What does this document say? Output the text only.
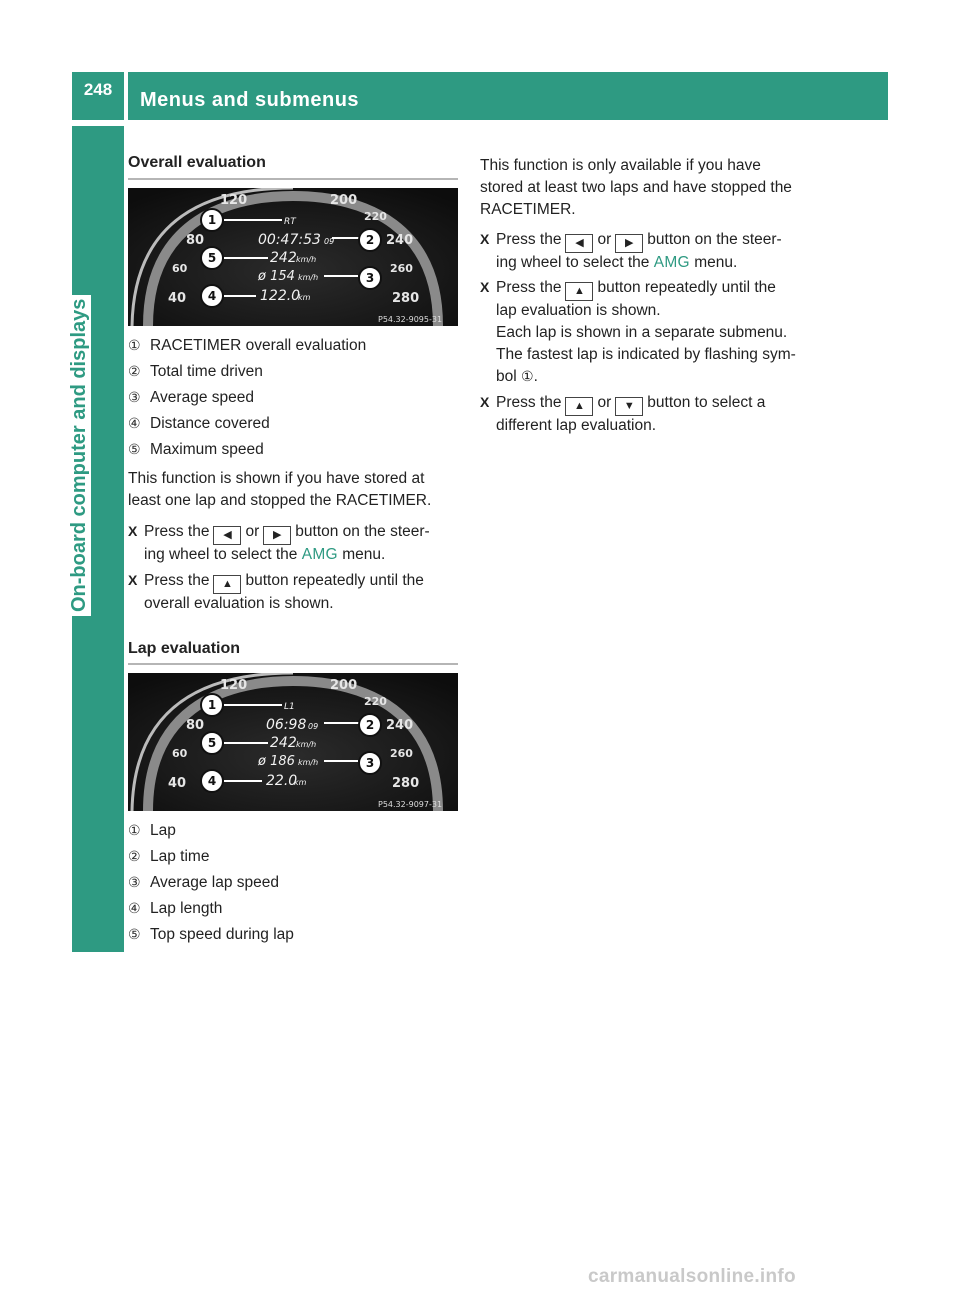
248	Menus and submenus
On-board computer and displays
Overall evaluation
120	200
80
60
40
220
240
260
280
RT
00:47:53 09
242 km/h
ø 154 km/h
122.0
km
1
2
3
4
5
P54.32-9095-31
① RACETIMER overall evaluation
② Total time driven
③ Average speed
④ Distance covered
⑤ Maximum speed
This function is shown if you have stored at
least one lap and stopped the RACETIMER.
X Press the ◀ or ▶ button on the steer-
ing wheel to select the AMG menu.
X Press the ▲ button repeatedly until the
overall evaluation is shown.
Lap evaluation
120	200
80
60
40
220
240
260
280
L1
06:98 09
242 km/h
ø 186 km/h
22.0
km
1
2
3
4
5
P54.32-9097-31
① Lap
② Lap time
③ Average lap speed
④ Lap length
⑤ Top speed during lap
This function is only available if you have
stored at least two laps and have stopped the
RACETIMER.
X Press the ◀ or ▶ button on the steer-
ing wheel to select the AMG menu.
X Press the ▲ button repeatedly until the
lap evaluation is shown.
Each lap is shown in a separate submenu.
The fastest lap is indicated by flashing sym-
bol ①.
X Press the ▲ or ▼ button to select a
different lap evaluation.
carmanualsonline.info
